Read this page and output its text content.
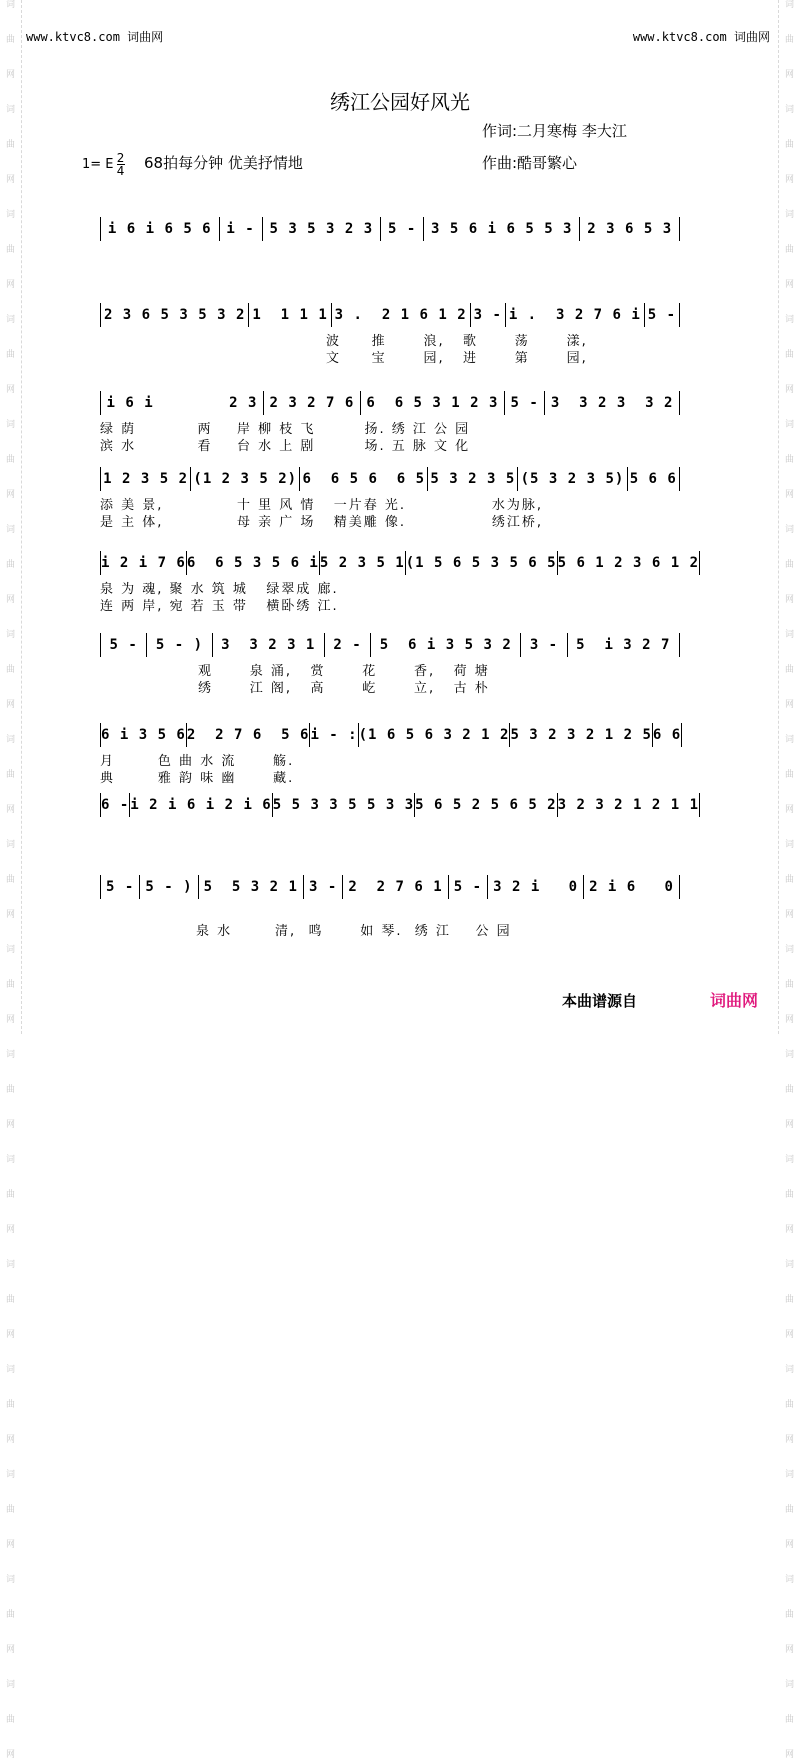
词
曲
网
词
曲
网
词
曲
网
词
曲
网
词
曲
网
词
曲
网
词
曲
网
词
曲
网
词
曲
网
词
曲
网
词
曲
网
词
曲
网
词
曲
网
词
曲
网
词
曲
网
词
曲
网
词
曲
网
词
曲
网
词
曲
网
词
曲
网
词
曲
网
词
曲
网
词
曲
网
词
曲
网
词
曲
网
词
曲
网
词
曲
网
词
曲
网
词
曲
网
词
曲
网
词
曲
网
词
曲
网
词
曲
网
词
曲
网
www.ktvc8.com 词曲网	www.ktvc8.com 词曲网
绣江公园好风光
作词:二月寒梅 李大江
1= E $\frac{2}{4} 68$拍每分钟 优美抒情地	作曲:酷哥繁心
i 6 i 6 5 6	i -	5 3 5 3 2 3	5 -	3 5 6 i 6 5 5 3	2 3 6 5 3
2 3 6 5 3 5 3 2 1  1 1 1 3 .  2 1 6 1 2 3 - i .  3 2 7 6 i 5 -
波     推      浪,   歌      荡      漾,
文     宝      园,   进      第      园,
i 6 i        2 3 2 3 2 7 6 6  6 5 3 1 2 3 5 - 3  3 2 3  3 2
绿 荫          两    岸 柳 枝 飞        扬. 绣 江 公 园
滨 水          看    台 水 上 剧        场. 五 脉 文 化
1 2 3 5 2 (1 2 3 5 2) 6  6 5 6  6 5 5 3 2 3 5 (5 3 2 3 5) 5 6 6
添 美 景,            十 里 风 情   一片春 光.              水为脉,
是 主 体,            母 亲 广 场   精美雕 像.              绣江桥,
i 2 i 7 6 6  6 5 3 5 6 i 5 2 3 5 1 (1 5 6 5 3 5 6 5 5 6 1 2 3 6 1 2
泉 为 魂, 聚 水 筑 城   绿翠成 廊.
连 两 岸, 宛 若 玉 带   横卧绣 江.
5 -	5 - )	3  3 2 3 1	2 -	5  6 i 3 5 3 2	3 -	5  i 3 2 7
观      泉 涌,   赏      花      香,   荷 塘
绣      江 阁,   高      屹      立,   古 朴
6 i 3 5 6 2  2 7 6  5 6 i - : (1 6 5 6 3 2 1 2 5 3 2 3 2 1 2 5 6 6
月       色 曲 水 流      觞.
典       雅 韵 味 幽      藏.
6 - i 2 i 6 i 2 i 6 5 5 3 3 5 5 3 3 5 6 5 2 5 6 5 2 3 2 3 2 1 2 1 1
5 - 5 - ) 5  5 3 2 1 3 - 2  2 7 6 1 5 - 3 2 i   0 2 i 6   0
泉 水       清,  鸣      如 琴.  绣 江    公 园
本曲谱源自	词曲网
